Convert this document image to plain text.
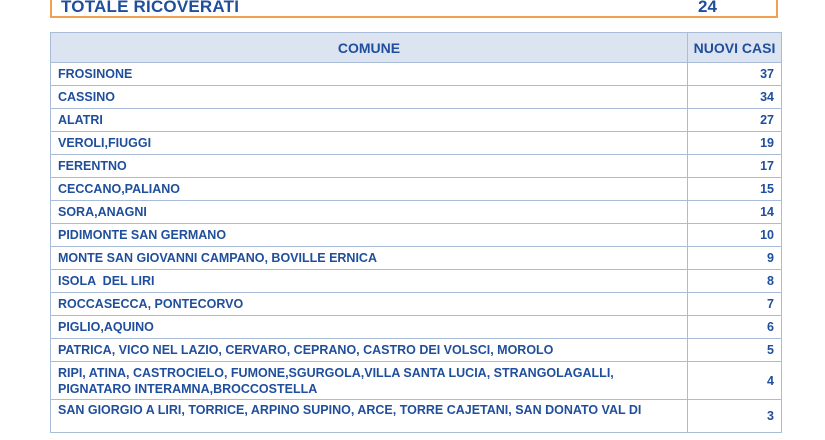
TOTALE RICOVERATI	24
COMUNE	NUOVI CASI
FROSINONE	37
CASSINO	34
ALATRI	27
VEROLI,FIUGGI	19
FERENTNO	17
CECCANO,PALIANO	15
SORA,ANAGNI	14
PIDIMONTE SAN GERMANO	10
MONTE SAN GIOVANNI CAMPANO, BOVILLE ERNICA	9
ISOLA  DEL LIRI	8
ROCCASECCA, PONTECORVO	7
PIGLIO,AQUINO	6
PATRICA, VICO NEL LAZIO, CERVARO, CEPRANO, CASTRO DEI VOLSCI, MOROLO	5
RIPI, ATINA, CASTROCIELO, FUMONE,SGURGOLA,VILLA SANTA LUCIA, STRANGOLAGALLI, PIGNATARO INTERAMNA,BROCCOSTELLA	4
SAN GIORGIO A LIRI, TORRICE, ARPINO SUPINO, ARCE, TORRE CAJETANI, SAN DONATO VAL DI	3
